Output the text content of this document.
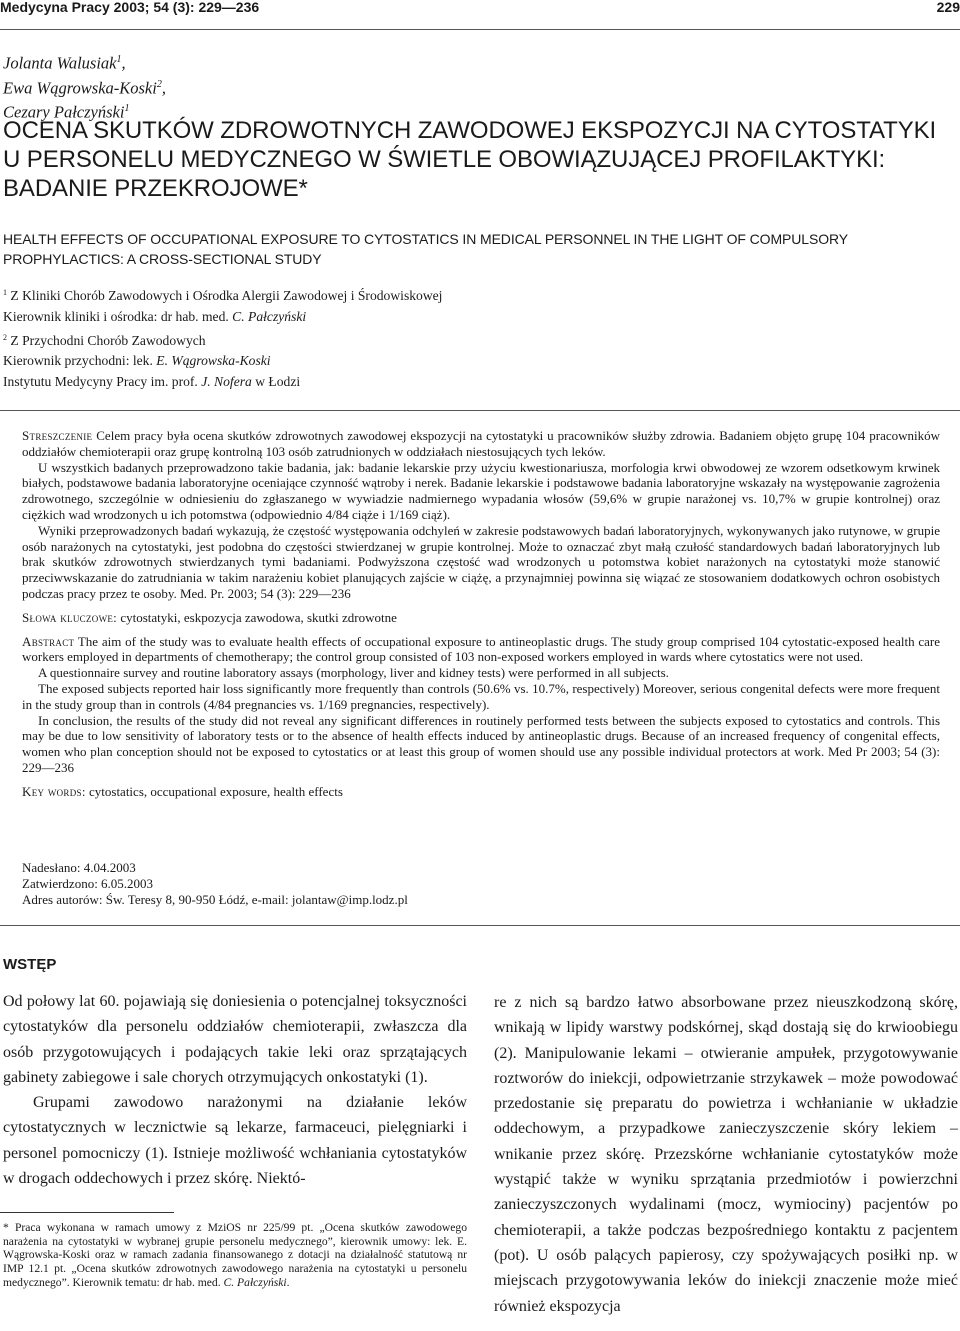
Medycyna Pracy 2003; 54 (3): 229—236	229
Jolanta Walusiak$^1$,
Ewa Wągrowska-Koski$^2$,
Cezary Pałczyński$^1$
OCENA SKUTKÓW ZDROWOTNYCH ZAWODOWEJ EKSPOZYCJI NA CYTOSTATYKI U PERSONELU MEDYCZNEGO W ŚWIETLE OBOWIĄZUJĄCEJ PROFILAKTYKI: BADANIE PRZEKROJOWE*
HEALTH EFFECTS OF OCCUPATIONAL EXPOSURE TO CYTOSTATICS IN MEDICAL PERSONNEL IN THE LIGHT OF COMPULSORY PROPHYLACTICS: A CROSS-SECTIONAL STUDY
$^1$ Z Kliniki Chorób Zawodowych i Ośrodka Alergii Zawodowej i Środowiskowej
Kierownik kliniki i ośrodka: dr hab. med. C. Pałczyński
$^2$ Z Przychodni Chorób Zawodowych
Kierownik przychodni: lek. E. Wągrowska-Koski
Instytutu Medycyny Pracy im. prof. J. Nofera w Łodzi

Streszczenie Celem pracy była ocena skutków zdrowotnych zawodowej ekspozycji na cytostatyki u pracowników służby zdrowia. Badaniem objęto grupę 104 pracowników oddziałów chemioterapii oraz grupę kontrolną 103 osób zatrudnionych w oddziałach niestosujących tych leków.

U wszystkich badanych przeprowadzono takie badania, jak: badanie lekarskie przy użyciu kwestionariusza, morfologia krwi obwodowej ze wzorem odsetkowym krwinek białych, podstawowe badania laboratoryjne oceniające czynność wątroby i nerek. Badanie lekarskie i podstawowe badania laboratoryjne wskazały na występowanie zagrożenia zdrowotnego, szczególnie w odniesieniu do zgłaszanego w wywiadzie nadmiernego wypadania włosów (59,6% w grupie narażonej vs. 10,7% w grupie kontrolnej) oraz ciężkich wad wrodzonych u ich potomstwa (odpowiednio 4/84 ciąże i 1/169 ciąż).

Wyniki przeprowadzonych badań wykazują, że częstość występowania odchyleń w zakresie podstawowych badań laboratoryjnych, wykonywanych jako rutynowe, w grupie osób narażonych na cytostatyki, jest podobna do częstości stwierdzanej w grupie kontrolnej. Może to oznaczać zbyt małą czułość standardowych badań laboratoryjnych lub brak skutków zdrowotnych stwierdzanych tymi badaniami. Podwyższona częstość wad wrodzonych u potomstwa kobiet narażonych na cytostatyki może stanowić przeciwwskazanie do zatrudniania w takim narażeniu kobiet planujących zajście w ciążę, a przynajmniej powinna się wiązać ze stosowaniem dodatkowych ochron osobistych podczas pracy przez te osoby. Med. Pr. 2003; 54 (3): 229—236

Słowa kluczowe: cytostatyki, eskpozycja zawodowa, skutki zdrowotne

Abstract The aim of the study was to evaluate health effects of occupational exposure to antineoplastic drugs. The study group comprised 104 cytostatic-exposed health care workers employed in departments of chemotherapy; the control group consisted of 103 non-exposed workers employed in wards where cytostatics were not used.

A questionnaire survey and routine laboratory assays (morphology, liver and kidney tests) were performed in all subjects.

The exposed subjects reported hair loss significantly more frequently than controls (50.6% vs. 10.7%, respectively) Moreover, serious congenital defects were more frequent in the study group than in controls (4/84 pregnancies vs. 1/169 pregnancies, respectively).

In conclusion, the results of the study did not reveal any significant differences in routinely performed tests between the subjects exposed to cytostatics and controls. This may be due to low sensitivity of laboratory tests or to the absence of health effects induced by antineoplastic drugs. Because of an increased frequency of congenital effects, women who plan conception should not be exposed to cytostatics or at least this group of women should use any possible individual protectors at work. Med Pr 2003; 54 (3): 229—236

Key words: cytostatics, occupational exposure, health effects

Nadesłano: 4.04.2003
Zatwierdzono: 6.05.2003
Adres autorów: Św. Teresy 8, 90-950 Łódź, e-mail: jolantaw@imp.lodz.pl
WSTĘP

Od połowy lat 60. pojawiają się doniesienia o potencjalnej toksyczności cytostatyków dla personelu oddziałów chemioterapii, zwłaszcza dla osób przygotowujących i podających takie leki oraz sprzątających gabinety zabiegowe i sale chorych otrzymujących onkostatyki (1).

Grupami zawodowo narażonymi na działanie leków cytostatycznych w lecznictwie są lekarze, farmaceuci, pielęgniarki i personel pomocniczy (1). Istnieje możliwość wchłaniania cytostatyków w drogach oddechowych i przez skórę. Niektó-

re z nich są bardzo łatwo absorbowane przez nieuszkodzoną skórę, wnikają w lipidy warstwy podskórnej, skąd dostają się do krwioobiegu (2). Manipulowanie lekami – otwieranie ampułek, przygotowywanie roztworów do iniekcji, odpowietrzanie strzykawek – może powodować przedostanie się preparatu do powietrza i wchłanianie w układzie oddechowym, a przypadkowe zanieczyszczenie skóry lekiem – wnikanie przez skórę. Przezskórne wchłanianie cytostatyków może wystąpić także w wyniku sprzątania przedmiotów i powierzchni zanieczyszczonych wydalinami (mocz, wymiociny) pacjentów po chemioterapii, a także podczas bezpośredniego kontaktu z pacjentem (pot). U osób palących papierosy, czy spożywających posiłki np. w miejscach przygotowywania leków do iniekcji znaczenie może mieć również ekspozycja

* Praca wykonana w ramach umowy z MziOS nr 225/99 pt. „Ocena skutków zawodowego narażenia na cytostatyki w wybranej grupie personelu medycznego”, kierownik umowy: lek. E. Wągrowska-Koski oraz w ramach zadania finansowanego z dotacji na działalność statutową nr IMP 12.1 pt. „Ocena skutków zdrowotnych zawodowego narażenia na cytostatyki u personelu medycznego”. Kierownik tematu: dr hab. med. C. Pałczyński.
